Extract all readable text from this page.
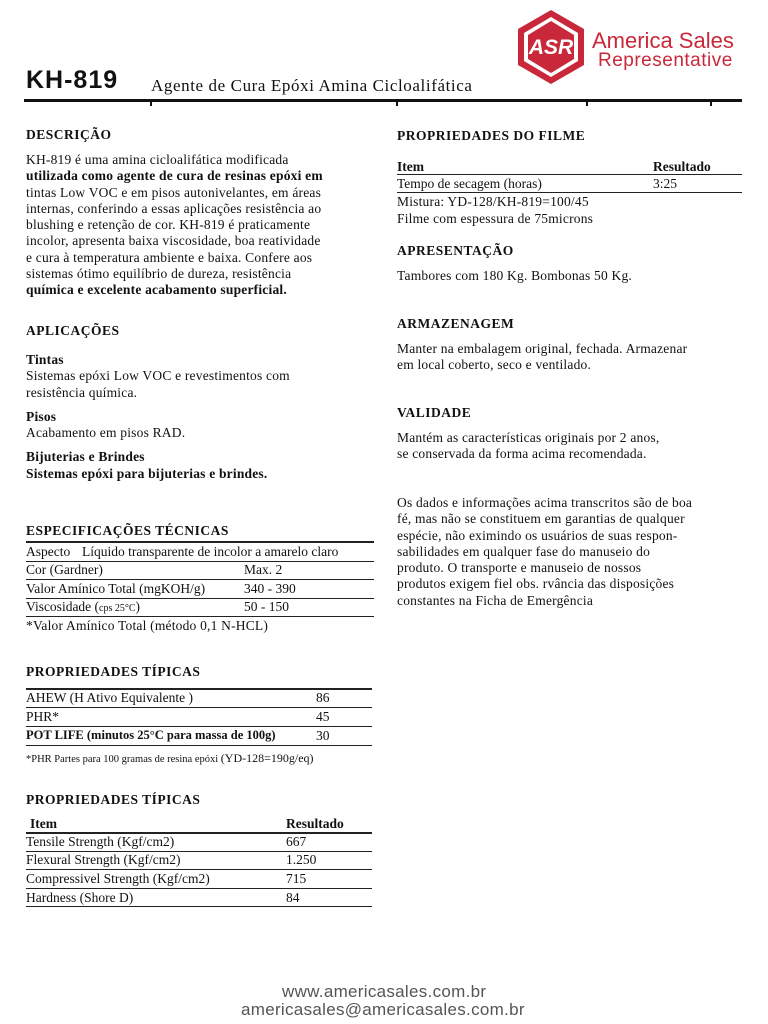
KH-819 Agente de Cura Epóxi Amina Cicloalifática
ASR America Sales
Representative
DESCRIÇÃO
KH-819 é uma amina cicloalifática modificada
utilizada como agente de cura de resinas epóxi em
tintas Low VOC e em pisos autonivelantes, em áreas
internas, conferindo a essas aplicações resistência ao
blushing e retenção de cor. KH-819 é praticamente
incolor, apresenta baixa viscosidade, boa reatividade
e cura à temperatura ambiente e baixa. Confere aos
sistemas ótimo equilíbrio de dureza, resistência
química e excelente acabamento superficial.
APLICAÇÕES
Tintas
Sistemas epóxi Low VOC e revestimentos com
resistência química.
Pisos
Acabamento em pisos RAD.
Bijuterias e Brindes
Sistemas epóxi para bijuterias e brindes.
ESPECIFICAÇÕES TÉCNICAS
Aspecto Líquido transparente de incolor a amarelo claro
Cor (Gardner)	Max. 2
Valor Amínico Total (mgKOH/g)	340 - 390
Viscosidade (cps 25°C)	50 - 150
*Valor Amínico Total (método 0,1 N-HCL)
PROPRIEDADES TÍPICAS
AHEW (H Ativo Equivalente )	86
PHR*	45
POT LIFE (minutos 25°C para massa de 100g)	30
*PHR Partes para 100 gramas de resina epóxi (YD-128=190g/eq)
PROPRIEDADES TÍPICAS
Item	Resultado
Tensile Strength (Kgf/cm2)	667
Flexural Strength (Kgf/cm2)	1.250
Compressivel Strength (Kgf/cm2)	715
Hardness (Shore D)	84
PROPRIEDADES DO FILME
Item	Resultado
Tempo de secagem (horas)	3:25
Mistura: YD-128/KH-819=100/45
Filme com espessura de 75microns
APRESENTAÇÃO
Tambores com 180 Kg. Bombonas 50 Kg.
ARMAZENAGEM
Manter na embalagem original, fechada. Armazenar
em local coberto, seco e ventilado.
VALIDADE
Mantém as características originais por 2 anos,
se conservada da forma acima recomendada.
Os dados e informações acima transcritos são de boa
fé, mas não se constituem em garantias de qualquer
espécie, não eximindo os usuários de suas respon-
sabilidades em qualquer fase do manuseio do
produto. O transporte e manuseio de nossos
produtos exigem fiel obs. rvância das disposições
constantes na Ficha de Emergência
www.americasales.com.br
americasales@americasales.com.br
